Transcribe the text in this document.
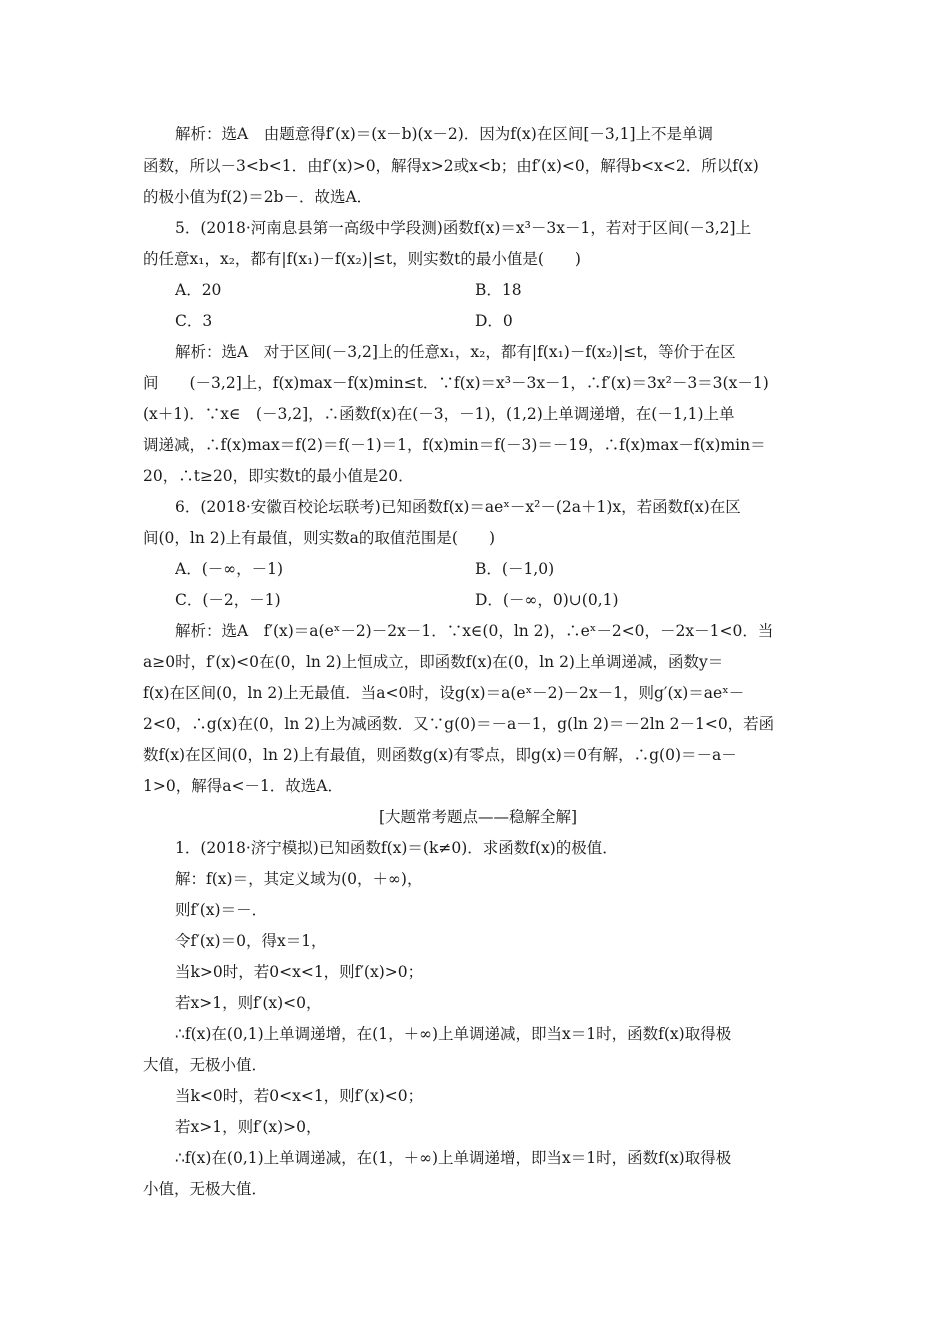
解析：选A　由题意得f′(x)＝(x－b)(x－2)．因为f(x)在区间[－3,1]上不是单调
函数，所以－3<b<1．由f′(x)>0，解得x>2或x<b；由f′(x)<0，解得b<x<2．所以f(x)
的极小值为f(2)＝2b－．故选A．
5．(2018·河南息县第一高级中学段测)函数f(x)＝x³－3x－1，若对于区间(－3,2]上
的任意x₁，x₂，都有|f(x₁)－f(x₂)|≤t，则实数t的最小值是(　　)
A．20	B．18
C．3	D．0
解析：选A　对于区间(－3,2]上的任意x₁，x₂，都有|f(x₁)－f(x₂)|≤t，等价于在区
间　　(－3,2]上，f(x)max－f(x)min≤t．∵f(x)＝x³－3x－1，∴f′(x)＝3x²－3＝3(x－1)
(x＋1)．∵x∈　(－3,2]，∴函数f(x)在(－3，－1)，(1,2)上单调递增，在(－1,1)上单
调递减，∴f(x)max＝f(2)＝f(－1)＝1，f(x)min＝f(－3)＝－19，∴f(x)max－f(x)min＝
20，∴t≥20，即实数t的最小值是20．
6．(2018·安徽百校论坛联考)已知函数f(x)＝aeˣ－x²－(2a＋1)x，若函数f(x)在区
间(0，ln 2)上有最值，则实数a的取值范围是(　　)
A．(－∞，－1)	B．(－1,0)
C．(－2，－1)	D．(－∞，0)∪(0,1)
解析：选A　f′(x)＝a(eˣ－2)－2x－1．∵x∈(0，ln 2)，∴eˣ－2<0，－2x－1<0．当
a≥0时，f′(x)<0在(0，ln 2)上恒成立，即函数f(x)在(0，ln 2)上单调递减，函数y＝
f(x)在区间(0，ln 2)上无最值．当a<0时，设g(x)＝a(eˣ－2)－2x－1，则g′(x)＝aeˣ－
2<0，∴g(x)在(0，ln 2)上为减函数．又∵g(0)＝－a－1，g(ln 2)＝－2ln 2－1<0，若函
数f(x)在区间(0，ln 2)上有最值，则函数g(x)有零点，即g(x)＝0有解，∴g(0)＝－a－
1>0，解得a<－1．故选A．
[大题常考题点——稳解全解]
1．(2018·济宁模拟)已知函数f(x)＝(k≠0)．求函数f(x)的极值．
解：f(x)＝，其定义域为(0，＋∞)，
则f′(x)＝－．
令f′(x)＝0，得x＝1，
当k>0时，若0<x<1，则f′(x)>0；
若x>1，则f′(x)<0，
∴f(x)在(0,1)上单调递增，在(1，＋∞)上单调递减，即当x＝1时，函数f(x)取得极
大值，无极小值．
当k<0时，若0<x<1，则f′(x)<0；
若x>1，则f′(x)>0，
∴f(x)在(0,1)上单调递减，在(1，＋∞)上单调递增，即当x＝1时，函数f(x)取得极
小值，无极大值．
